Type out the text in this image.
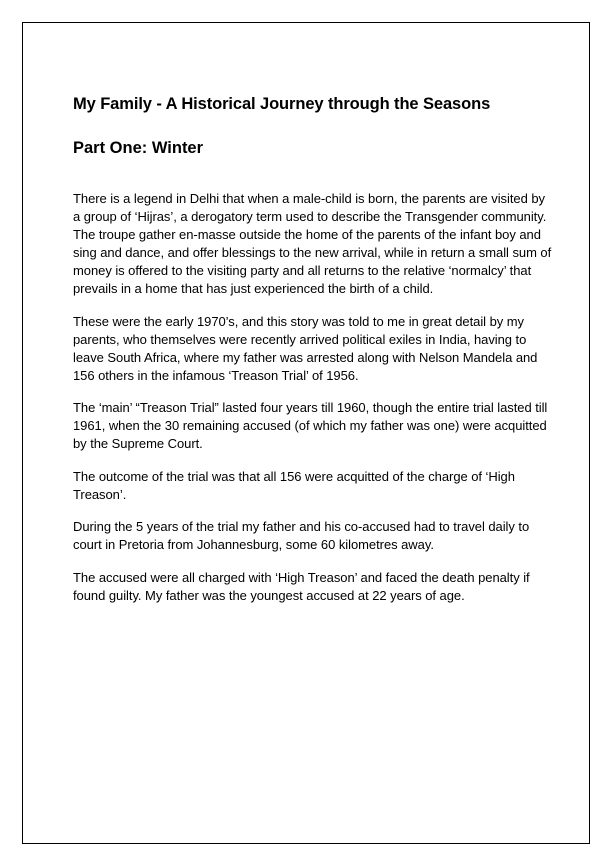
My Family - A Historical Journey through the Seasons
Part One: Winter

There is a legend in Delhi that when a male-child is born, the parents are visited by a group of ‘Hijras’, a derogatory term used to describe the Transgender community. The troupe gather en-masse outside the home of the parents of the infant boy and sing and dance, and offer blessings to the new arrival, while in return a small sum of money is offered to the visiting party and all returns to the relative ‘normalcy’ that prevails in a home that has just experienced the birth of a child.

These were the early 1970’s, and this story was told to me in great detail by my parents, who themselves were recently arrived political exiles in India, having to leave South Africa, where my father was arrested along with Nelson Mandela and 156 others in the infamous ‘Treason Trial’ of 1956.

The ‘main’ “Treason Trial” lasted four years till 1960, though the entire trial lasted till 1961, when the 30 remaining accused (of which my father was one) were acquitted by the Supreme Court.

The outcome of the trial was that all 156 were acquitted of the charge of ‘High Treason’.

During the 5 years of the trial my father and his co-accused had to travel daily to court in Pretoria from Johannesburg, some 60 kilometres away.

The accused were all charged with ‘High Treason’ and faced the death penalty if found guilty. My father was the youngest accused at 22 years of age.
